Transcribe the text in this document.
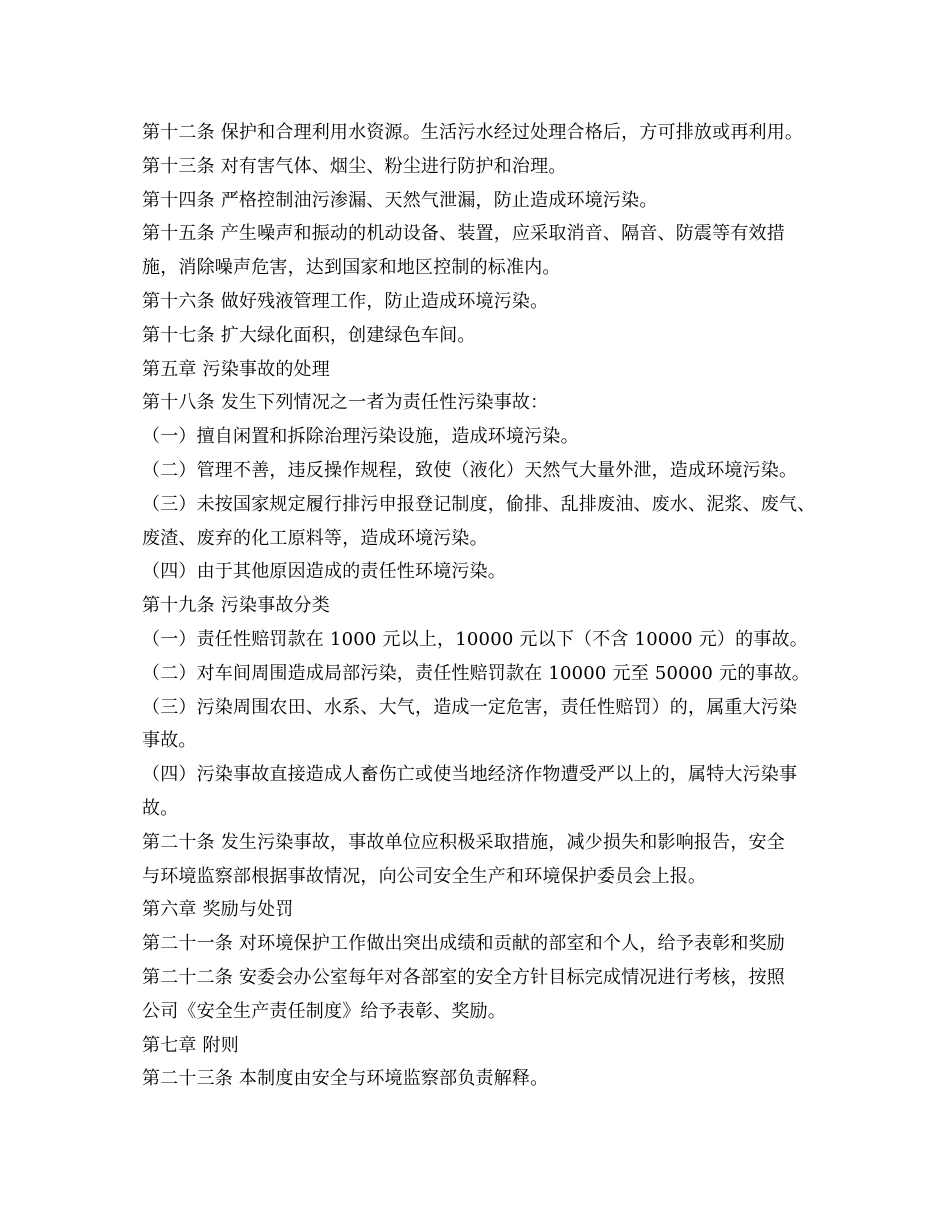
第十二条 保护和合理利用水资源。生活污水经过处理合格后，方可排放或再利用。
第十三条 对有害气体、烟尘、粉尘进行防护和治理。
第十四条 严格控制油污渗漏、天然气泄漏，防止造成环境污染。
第十五条 产生噪声和振动的机动设备、装置，应采取消音、隔音、防震等有效措
施，消除噪声危害，达到国家和地区控制的标准内。
第十六条 做好残液管理工作，防止造成环境污染。
第十七条 扩大绿化面积，创建绿色车间。
第五章 污染事故的处理
第十八条 发生下列情况之一者为责任性污染事故：
（一）擅自闲置和拆除治理污染设施，造成环境污染。
（二）管理不善，违反操作规程，致使（液化）天然气大量外泄，造成环境污染。
（三）未按国家规定履行排污申报登记制度，偷排、乱排废油、废水、泥浆、废气、
废渣、废弃的化工原料等，造成环境污染。
（四）由于其他原因造成的责任性环境污染。
第十九条 污染事故分类
（一）责任性赔罚款在 1000 元以上，10000 元以下（不含 10000 元）的事故。
（二）对车间周围造成局部污染，责任性赔罚款在 10000 元至 50000 元的事故。
（三）污染周围农田、水系、大气，造成一定危害，责任性赔罚）的，属重大污染
事故。
（四）污染事故直接造成人畜伤亡或使当地经济作物遭受严以上的，属特大污染事
故。
第二十条 发生污染事故，事故单位应积极采取措施，减少损失和影响报告，安全
与环境监察部根据事故情况，向公司安全生产和环境保护委员会上报。
第六章 奖励与处罚
第二十一条 对环境保护工作做出突出成绩和贡献的部室和个人，给予表彰和奖励
第二十二条 安委会办公室每年对各部室的安全方针目标完成情况进行考核，按照
公司《安全生产责任制度》给予表彰、奖励。
第七章 附则
第二十三条 本制度由安全与环境监察部负责解释。
